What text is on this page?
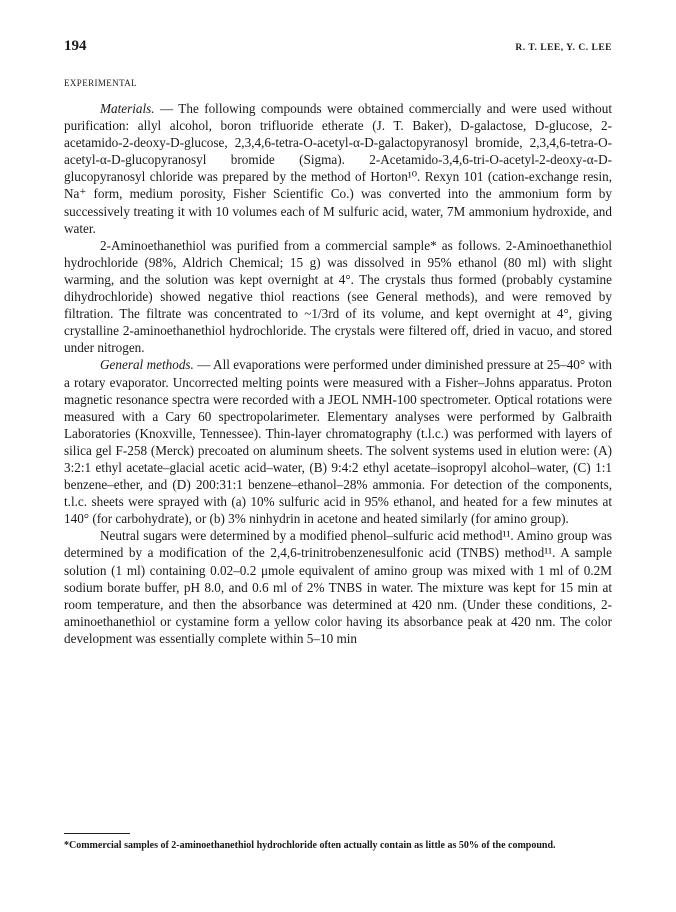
194	R. T. LEE, Y. C. LEE
EXPERIMENTAL

Materials. — The following compounds were obtained commercially and were used without purification: allyl alcohol, boron trifluoride etherate (J. T. Baker), D-galactose, D-glucose, 2-acetamido-2-deoxy-D-glucose, 2,3,4,6-tetra-O-acetyl-α-D-galactopyranosyl bromide, 2,3,4,6-tetra-O-acetyl-α-D-glucopyranosyl bromide (Sigma). 2-Acetamido-3,4,6-tri-O-acetyl-2-deoxy-α-D-glucopyranosyl chloride was prepared by the method of Horton¹⁰. Rexyn 101 (cation-exchange resin, Na⁺ form, medium porosity, Fisher Scientific Co.) was converted into the ammonium form by successively treating it with 10 volumes each of M sulfuric acid, water, 7M ammonium hydroxide, and water.

2-Aminoethanethiol was purified from a commercial sample* as follows. 2-Aminoethanethiol hydrochloride (98%, Aldrich Chemical; 15 g) was dissolved in 95% ethanol (80 ml) with slight warming, and the solution was kept overnight at 4°. The crystals thus formed (probably cystamine dihydrochloride) showed negative thiol reactions (see General methods), and were removed by filtration. The filtrate was concentrated to ~1/3rd of its volume, and kept overnight at 4°, giving crystalline 2-aminoethanethiol hydrochloride. The crystals were filtered off, dried in vacuo, and stored under nitrogen.

General methods. — All evaporations were performed under diminished pressure at 25–40° with a rotary evaporator. Uncorrected melting points were measured with a Fisher–Johns apparatus. Proton magnetic resonance spectra were recorded with a JEOL NMH-100 spectrometer. Optical rotations were measured with a Cary 60 spectropolarimeter. Elementary analyses were performed by Galbraith Laboratories (Knoxville, Tennessee). Thin-layer chromatography (t.l.c.) was performed with layers of silica gel F-258 (Merck) precoated on aluminum sheets. The solvent systems used in elution were: (A) 3:2:1 ethyl acetate–glacial acetic acid–water, (B) 9:4:2 ethyl acetate–isopropyl alcohol–water, (C) 1:1 benzene–ether, and (D) 200:31:1 benzene–ethanol–28% ammonia. For detection of the components, t.l.c. sheets were sprayed with (a) 10% sulfuric acid in 95% ethanol, and heated for a few minutes at 140° (for carbohydrate), or (b) 3% ninhydrin in acetone and heated similarly (for amino group).

Neutral sugars were determined by a modified phenol–sulfuric acid method¹¹. Amino group was determined by a modification of the 2,4,6-trinitrobenzenesulfonic acid (TNBS) method¹¹. A sample solution (1 ml) containing 0.02–0.2 μmole equivalent of amino group was mixed with 1 ml of 0.2M sodium borate buffer, pH 8.0, and 0.6 ml of 2% TNBS in water. The mixture was kept for 15 min at room temperature, and then the absorbance was determined at 420 nm. (Under these conditions, 2-aminoethanethiol or cystamine form a yellow color having its absorbance peak at 420 nm. The color development was essentially complete within 5–10 min

*Commercial samples of 2-aminoethanethiol hydrochloride often actually contain as little as 50% of the compound.
